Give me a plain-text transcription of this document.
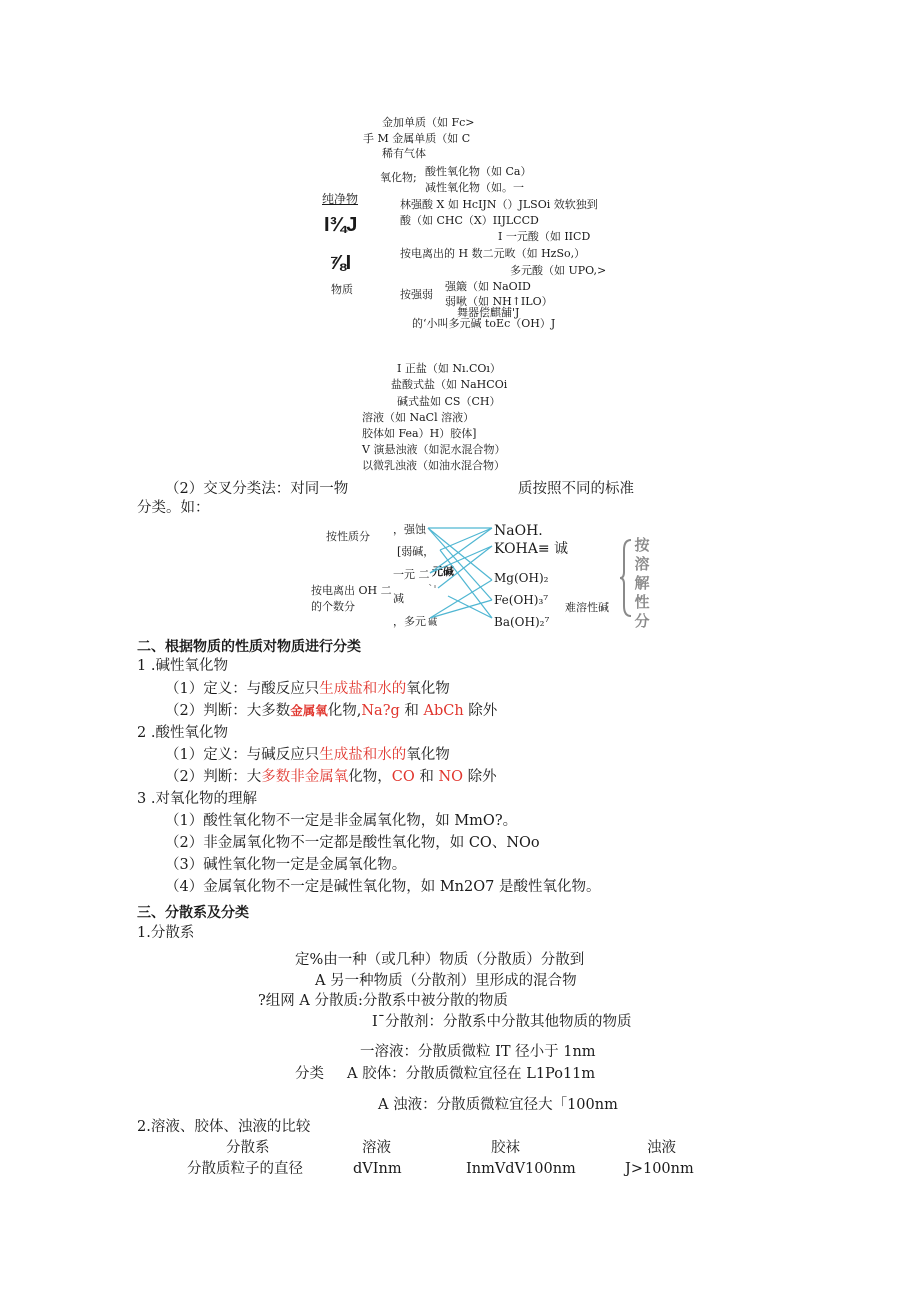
金加单质（如 Fc>
手 M 金属单质（如 C
稀有气体
氧化物; 酸性氧化物（如 Ca）
减性氧化物（如。一
林强酸 X 如 HcIJN（）JLSOi 效软独到
酸（如 CHC（X）IIJLCCD
I 一元酸（如 IICD
按电离出的 H 数二元畋（如 HzSo,）
多元酸（如 UPO,>
按强弱
强簸（如 NaOID
弱啾（如 NH↑ILO）
舞器偿麒舗'J
的‘小叫多元碱 toEc（OH）J
纯净物
I¾J
⅞I
物质
I 正盐（如 Nı.COı）
盐酸式盐（如 NaHCOi
碱式盐如 CS（CH）
溶液（如 NaCl 溶液）
胶体如 Fea）H）胶体]
V 演悬浊液（如泥水混合物）
以微乳浊液（如油水混合物）
（2）交叉分类法：对同一物	质按照不同的标准
分类。如：
按性质分
按电离出 OH 二
的个数分
，强蚀
[弱碱，
一元 二 元碱
`'
减
，多元 碱
NaOH.
KOHA≡ 诚
Mg(OH)₂
Fe(OH)₃⁷
Ba(OH)₂⁷
难溶性碱
按溶解性分
二、根据物质的性质对物质进行分类
1 .碱性氧化物
（1）定义：与酸反应只生成盐和水的氧化物
（2）判断：大多数金属氧化物,Na?g 和 AbCh 除外
2 .酸性氧化物
（1）定义：与碱反应只生成盐和水的氧化物
（2）判断：大多数非金属氧化物，CO 和 NO 除外
3 .对氧化物的理解
（1）酸性氧化物不一定是非金属氧化物，如 MmO?。
（2）非金属氧化物不一定都是酸性氧化物，如 CO、NOo
（3）碱性氧化物一定是金属氧化物。
（4）金属氧化物不一定是碱性氧化物，如 Mn2O7 是酸性氧化物。
三、分散系及分类
1.分散系
定%由一种（或几种）物质（分散质）分散到
A 另一种物质（分散剂）里形成的混合物
?组网 A 分散质:分散系中被分散的物质
Iˉ分散剂：分散系中分散其他物质的物质
一溶液：分散质微粒 IT 径小于 1nm
分类 A 胶体：分散质微粒宜径在 L1Po11m
A 浊液：分散质微粒宜径大「100nm
2.溶液、胶体、浊液的比较
分散系	溶液	胶袜	浊液
分散质粒子的直径	dVInm	InmVdV100nm	J>100nm
